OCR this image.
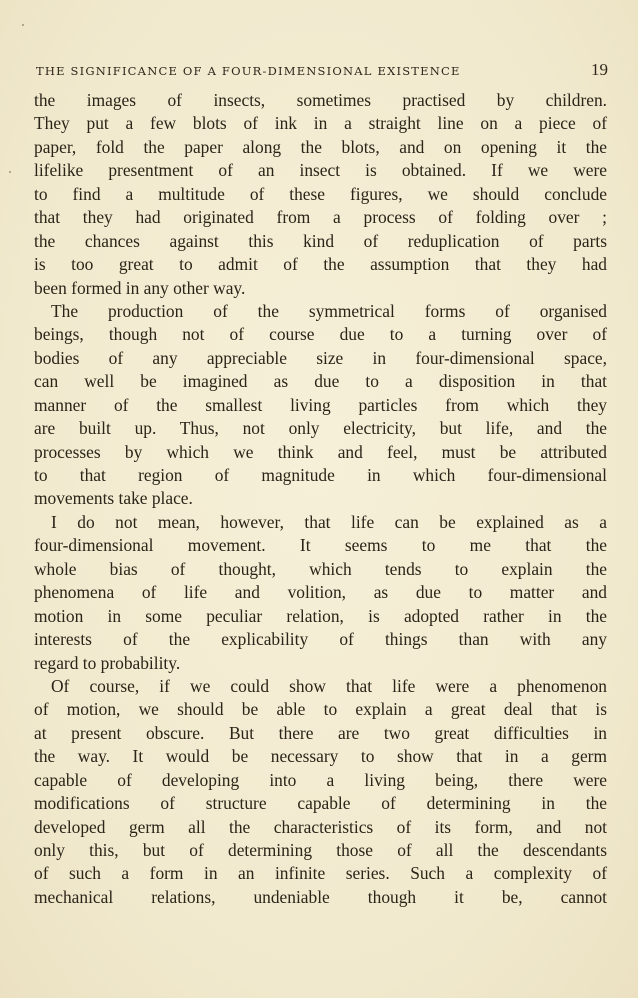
THE SIGNIFICANCE OF A FOUR-DIMENSIONAL EXISTENCE	19
the images of insects, sometimes practised by children.
They put a few blots of ink in a straight line on a piece of
paper, fold the paper along the blots, and on opening it the
lifelike presentment of an insect is obtained. If we were
to find a multitude of these figures, we should conclude
that they had originated from a process of folding over ;
the chances against this kind of reduplication of parts
is too great to admit of the assumption that they had
been formed in any other way.
The production of the symmetrical forms of organised
beings, though not of course due to a turning over of
bodies of any appreciable size in four-dimensional space,
can well be imagined as due to a disposition in that
manner of the smallest living particles from which they
are built up. Thus, not only electricity, but life, and the
processes by which we think and feel, must be attributed
to that region of magnitude in which four-dimensional
movements take place.
I do not mean, however, that life can be explained as a
four-dimensional movement. It seems to me that the
whole bias of thought, which tends to explain the
phenomena of life and volition, as due to matter and
motion in some peculiar relation, is adopted rather in the
interests of the explicability of things than with any
regard to probability.
Of course, if we could show that life were a phenomenon
of motion, we should be able to explain a great deal that is
at present obscure. But there are two great difficulties in
the way. It would be necessary to show that in a germ
capable of developing into a living being, there were
modifications of structure capable of determining in the
developed germ all the characteristics of its form, and not
only this, but of determining those of all the descendants
of such a form in an infinite series. Such a complexity of
mechanical relations, undeniable though it be, cannot
